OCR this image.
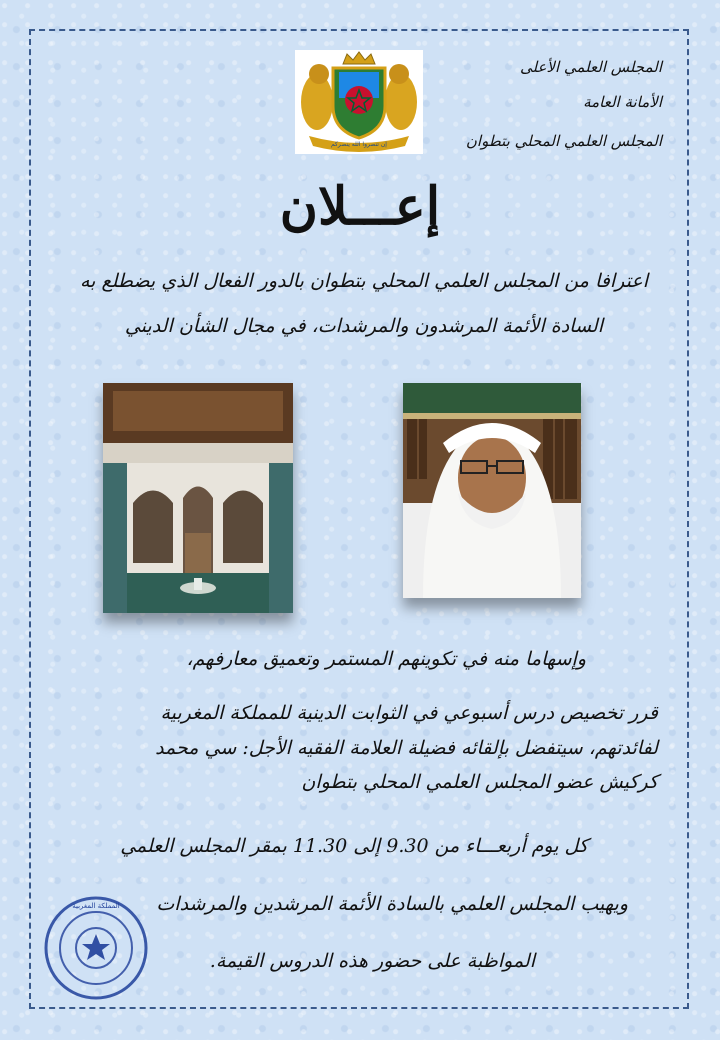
المجلس العلمي الأعلى
الأمانة العامة
المجلس العلمي المحلي بتطوان
إن تنصروا الله ينصركم
إعـــلان
اعترافا من المجلس العلمي المحلي بتطوان بالدور الفعال الذي يضطلع به
السادة الأئمة المرشدون والمرشدات، في مجال الشأن الديني
وإسهاما منه في تكوينهم المستمر وتعميق معارفهم،
قرر تخصيص درس أسبوعي في الثوابت الدينية للمملكة المغربية
لفائدتهم، سيتفضل بإلقائه فضيلة العلامة الفقيه الأجل: سي محمد
كركيش عضو المجلس العلمي المحلي بتطوان
كل يوم أربعـــاء من 9.30 إلى 11.30 بمقر المجلس العلمي
ويهيب المجلس العلمي بالسادة الأئمة المرشدين والمرشدات
المواظبة على حضور هذه الدروس القيمة.
المملكة المغربية
